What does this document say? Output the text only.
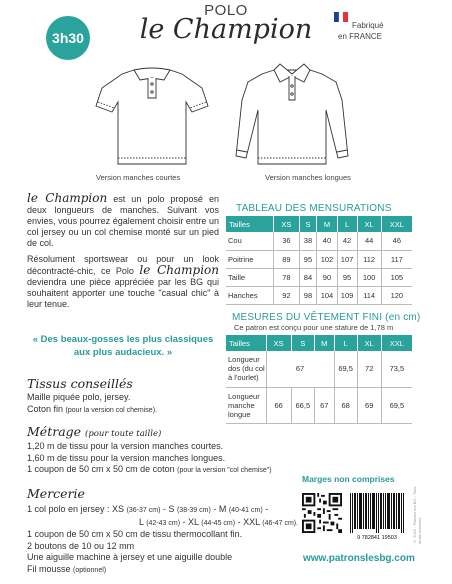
3h30
POLO
le Champion	Fabriqué
en FRANCE
Version manches courtes	Version manches longues

le Champion est un polo proposé en deux longueurs de manches. Suivant vos envies, vous pourrez également choisir entre un col jersey ou un col chemise monté sur un pied de col.

Résolument sportswear ou pour un look décontracté-chic, ce Polo le Champion deviendra une pièce appréciée par les BG qui souhaitent apporter une touche "casual chic" à leur tenue.

« Des beaux-gosses les plus classiques
aux plus audacieux. »
Tissus conseillés
Maille piquée polo, jersey.
Coton fin (pour la version col chemise).
Métrage (pour toute taille)
1,20 m de tissu pour la version manches courtes.
1,60 m de tissu pour la version manches longues.
1 coupon de 50 cm x 50 cm de coton (pour la version "col chemise")
Mercerie
1 col polo en jersey : XS (36-37 cm) - S (38-39 cm) - M (40-41 cm) -
L (42-43 cm) - XL (44-45 cm) - XXL (46-47 cm).
1 coupon de 50 cm x 50 cm de tissu thermocollant fin.
2 boutons de 10 ou 12 mm
Une aiguille machine à jersey et une aiguille double
Fil mousse (optionnel)
TABLEAU DES MENSURATIONS
Tailles	XS	S	M	L	XL	XXL
Cou	36	38	40	42	44	46
Poitrine	89	95	102	107	112	117
Taille	78	84	90	95	100	105
Hanches	92	98	104	109	114	120
MESURES DU VÊTEMENT FINI (en cm)
Ce patron est conçu pour une stature de 1,78 m
Tailles	XS	S	M	L	XL	XXL
Longueur dos (du col à l'ourlet)	67			69,5	72	73,5
Longueur manche longue	66	66,5	67	68	69	69,5
Marges non comprises
9 782841 19503	© 2020 - Patrons les BG - Tous droits réservés
www.patronslesbg.com
